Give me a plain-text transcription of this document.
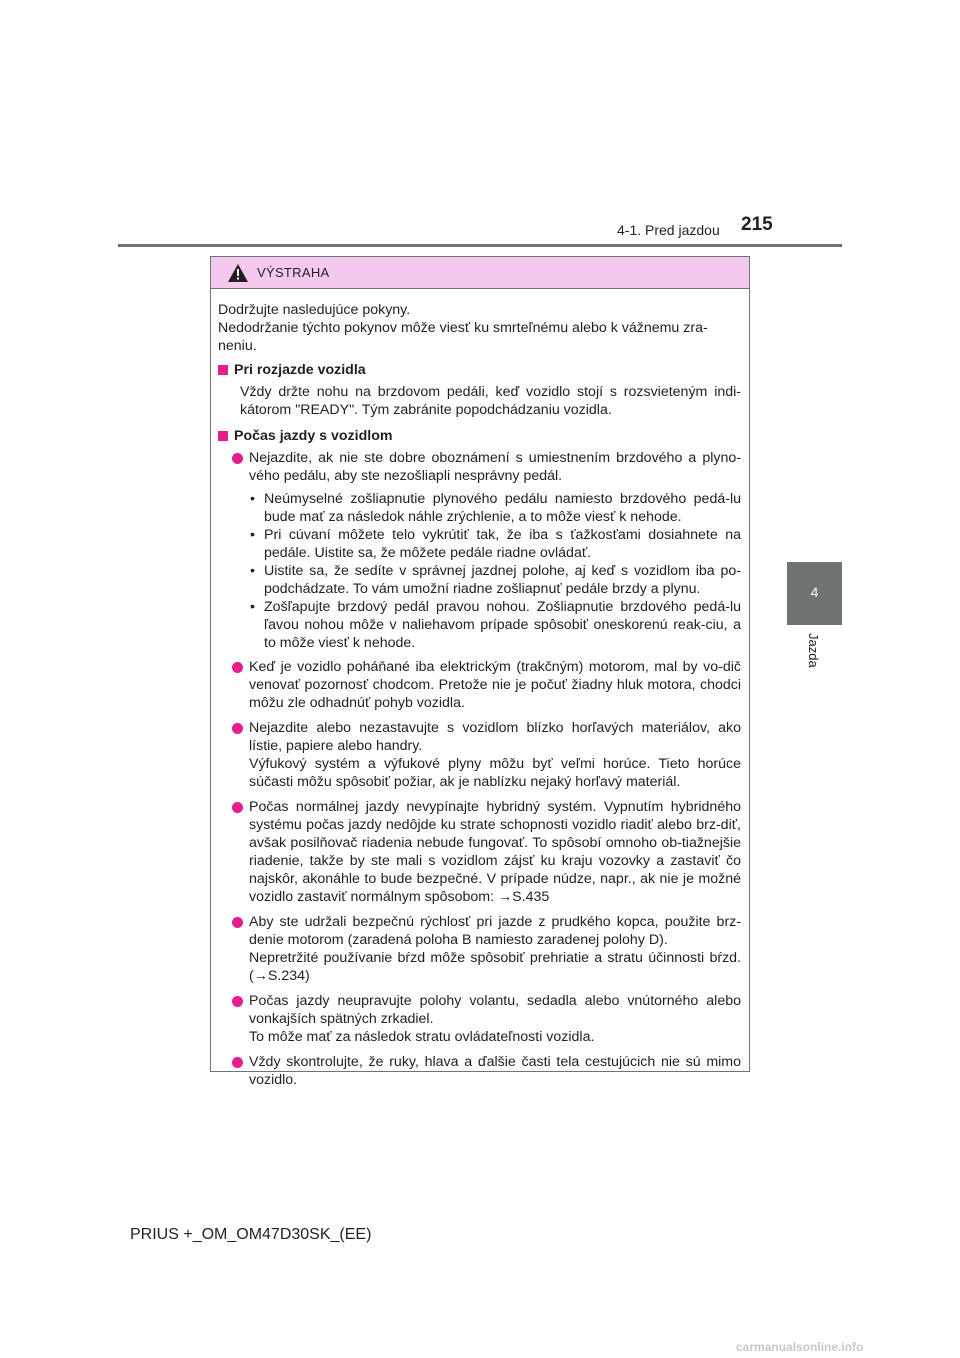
4-1. Pred jazdou 215
4
Jazda
VÝSTRAHA

Dodržujte nasledujúce pokyny.

Nedodržanie týchto pokynov môže viesť ku smrteľnému alebo k vážnemu zra-neniu.

Pri rozjazde vozidla

Vždy držte nohu na brzdovom pedáli, keď vozidlo stojí s rozsvieteným indi-kátorom "READY". Tým zabránite popodchádzaniu vozidla.

Počas jazdy s vozidlom
Nejazdite, ak nie ste dobre oboznámení s umiestnením brzdového a plyno-vého pedálu, aby ste nezošliapli nesprávny pedál.
• Neúmyselné zošliapnutie plynového pedálu namiesto brzdového pedá-lu bude mať za následok náhle zrýchlenie, a to môže viesť k nehode.
• Pri cúvaní môžete telo vykrútiť tak, že iba s ťažkosťami dosiahnete na pedále. Uistite sa, že môžete pedále riadne ovládať.
• Uistite sa, že sedíte v správnej jazdnej polohe, aj keď s vozidlom iba po-podchádzate. To vám umožní riadne zošliapnuť pedále brzdy a plynu.
• Zošľapujte brzdový pedál pravou nohou. Zošliapnutie brzdového pedá-lu ľavou nohou môže v naliehavom prípade spôsobiť oneskorenú reak-ciu, a to môže viesť k nehode.
Keď je vozidlo poháňané iba elektrickým (trakčným) motorom, mal by vo-dič venovať pozornosť chodcom. Pretože nie je počuť žiadny hluk motora, chodci môžu zle odhadnúť pohyb vozidla.

Nejazdite alebo nezastavujte s vozidlom blízko horľavých materiálov, ako lístie, papiere alebo handry.

Výfukový systém a výfukové plyny môžu byť veľmi horúce. Tieto horúce súčasti môžu spôsobiť požiar, ak je nablízku nejaký horľavý materiál.

Počas normálnej jazdy nevypínajte hybridný systém. Vypnutím hybridného systému počas jazdy nedôjde ku strate schopnosti vozidlo riadiť alebo brz-diť, avšak posilňovač riadenia nebude fungovať. To spôsobí omnoho ob-tiažnejšie riadenie, takže by ste mali s vozidlom zájsť ku kraju vozovky a zastaviť čo najskôr, akonáhle to bude bezpečné. V prípade núdze, napr., ak nie je možné vozidlo zastaviť normálnym spôsobom: →S.435

Aby ste udržali bezpečnú rýchlosť pri jazde z prudkého kopca, použite brz-denie motorom (zaradená poloha B namiesto zaradenej polohy D).

Nepretržité používanie bŕzd môže spôsobiť prehriatie a stratu účinnosti bŕzd. (→S.234)

Počas jazdy neupravujte polohy volantu, sedadla alebo vnútorného alebo vonkajších spätných zrkadiel.

To môže mať za následok stratu ovládateľnosti vozidla.

Vždy skontrolujte, že ruky, hlava a ďalšie časti tela cestujúcich nie sú mimo vozidlo.
PRIUS +_OM_OM47D30SK_(EE)
carmanualsonline.info
